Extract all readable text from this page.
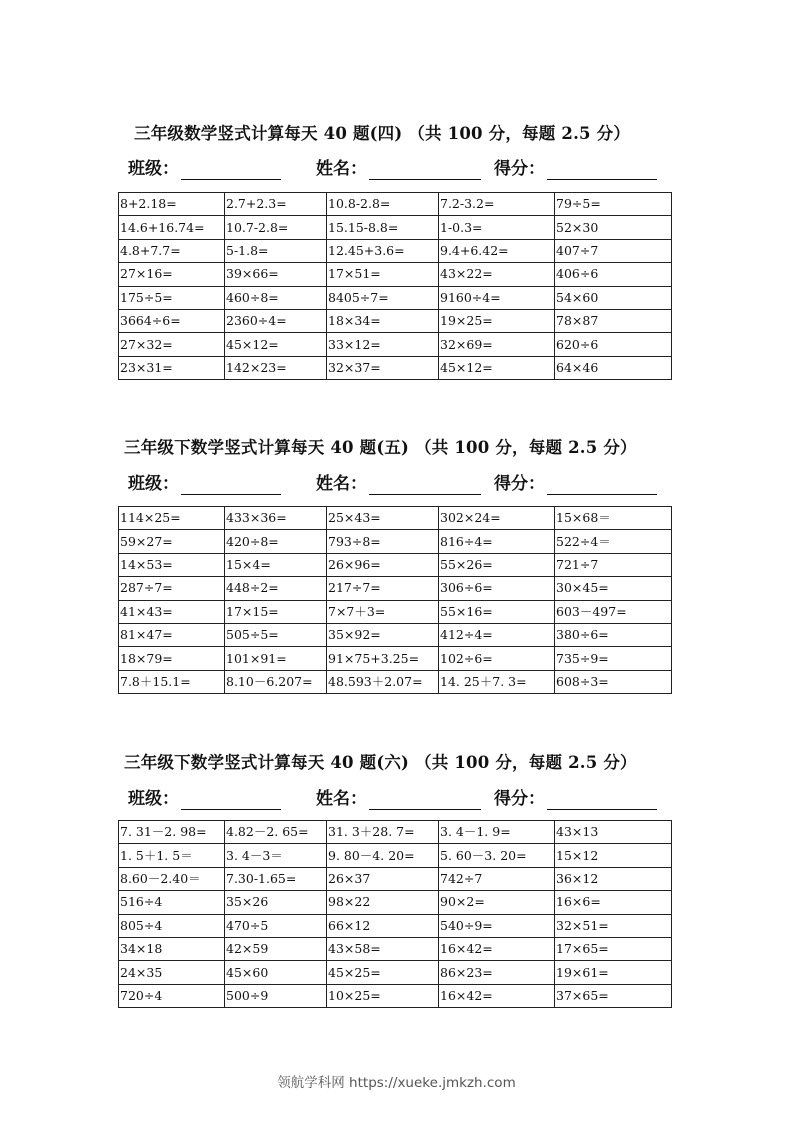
三年级数学竖式计算每天 40 题(四) （共 100 分，每题 2.5 分）
班级：	姓名：	得分：
8+2.18=	2.7+2.3=	10.8-2.8=	7.2-3.2=	79÷5=
14.6+16.74=	10.7-2.8=	15.15-8.8=	1-0.3=	52×30
4.8+7.7=	5-1.8=	12.45+3.6=	9.4+6.42=	407÷7
27×16=	39×66=	17×51=	43×22=	406÷6
175÷5=	460÷8=	8405÷7=	9160÷4=	54×60
3664÷6=	2360÷4=	18×34=	19×25=	78×87
27×32=	45×12=	33×12=	32×69=	620÷6
23×31=	142×23=	32×37=	45×12=	64×46
三年级下数学竖式计算每天 40 题(五) （共 100 分，每题 2.5 分）
班级：	姓名：	得分：
114×25=	433×36=	25×43=	302×24=	15×68＝
59×27=	420÷8=	793÷8=	816÷4=	522÷4＝
14×53=	15×4=	26×96=	55×26=	721÷7
287÷7=	448÷2=	217÷7=	306÷6=	30×45=
41×43=	17×15=	7×7＋3=	55×16=	603－497=
81×47=	505÷5=	35×92=	412÷4=	380÷6=
18×79=	101×91=	91×75+3.25=	102÷6=	735÷9=
7.8＋15.1=	8.10－6.207=	48.593＋2.07=	14. 25＋7. 3=	608÷3=
三年级下数学竖式计算每天 40 题(六) （共 100 分，每题 2.5 分）
班级：	姓名：	得分：
7. 31－2. 98=	4.82－2. 65=	31. 3＋28. 7=	3. 4－1. 9=	43×13
1. 5＋1. 5＝	3. 4－3＝	9. 80－4. 20=	5. 60－3. 20=	15×12
8.60－2.40＝	7.30-1.65=	26×37	742÷7	36×12
516÷4	35×26	98×22	90×2=	16×6=
805÷4	470÷5	66×12	540÷9=	32×51=
34×18	42×59	43×58=	16×42=	17×65=
24×35	45×60	45×25=	86×23=	19×61=
720÷4	500÷9	10×25=	16×42=	37×65=
领航学科网 https://xueke.jmkzh.com
